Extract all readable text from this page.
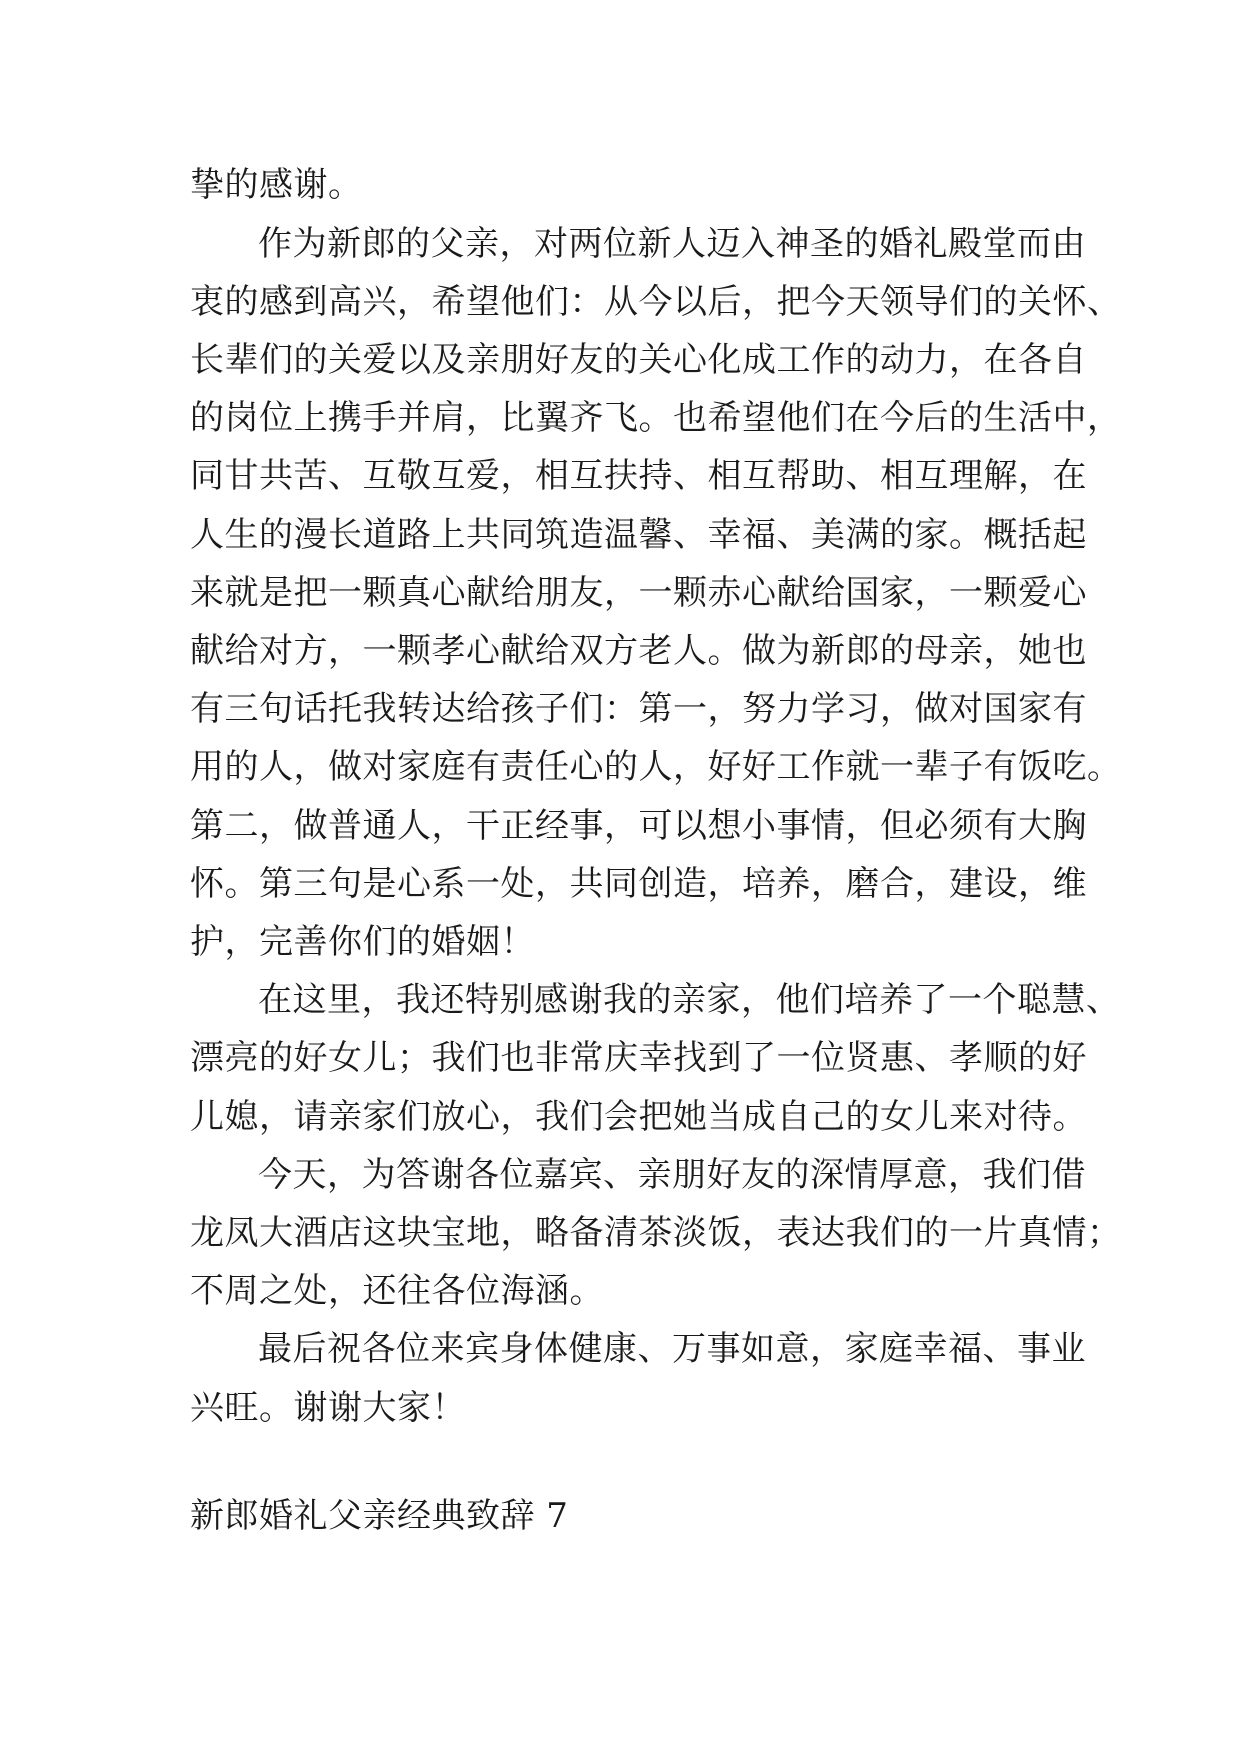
挚的感谢。
作为新郎的父亲，对两位新人迈入神圣的婚礼殿堂而由
衷的感到高兴，希望他们：从今以后，把今天领导们的关怀、
长辈们的关爱以及亲朋好友的关心化成工作的动力，在各自
的岗位上携手并肩，比翼齐飞。也希望他们在今后的生活中，
同甘共苦、互敬互爱，相互扶持、相互帮助、相互理解，在
人生的漫长道路上共同筑造温馨、幸福、美满的家。概括起
来就是把一颗真心献给朋友，一颗赤心献给国家，一颗爱心
献给对方，一颗孝心献给双方老人。做为新郎的母亲，她也
有三句话托我转达给孩子们：第一，努力学习，做对国家有
用的人，做对家庭有责任心的人，好好工作就一辈子有饭吃。
第二，做普通人，干正经事，可以想小事情，但必须有大胸
怀。第三句是心系一处，共同创造，培养，磨合，建设，维
护，完善你们的婚姻！
在这里，我还特别感谢我的亲家，他们培养了一个聪慧、
漂亮的好女儿；我们也非常庆幸找到了一位贤惠、孝顺的好
儿媳，请亲家们放心，我们会把她当成自己的女儿来对待。
今天，为答谢各位嘉宾、亲朋好友的深情厚意，我们借
龙凤大酒店这块宝地，略备清茶淡饭，表达我们的一片真情；
不周之处，还往各位海涵。
最后祝各位来宾身体健康、万事如意，家庭幸福、事业
兴旺。谢谢大家！
新郎婚礼父亲经典致辞 7
